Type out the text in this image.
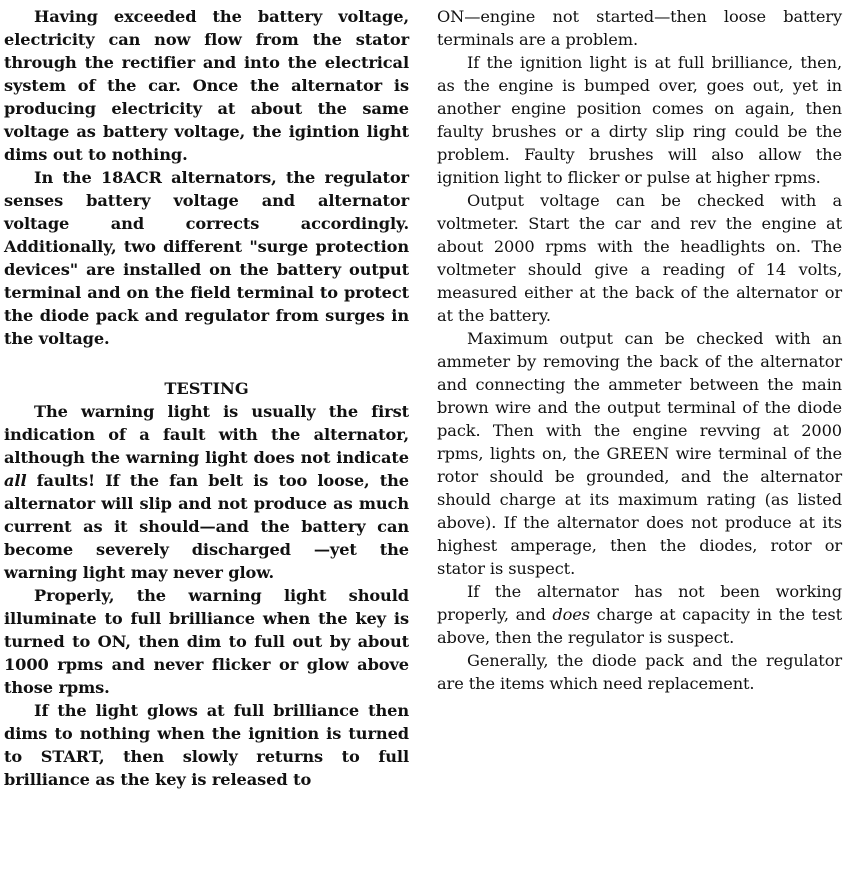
Having exceeded the battery voltage, electricity can now flow from the stator through the rectifier and into the electrical system of the car. Once the alternator is producing electricity at about the same voltage as battery voltage, the igintion light dims out to nothing.

In the 18ACR alternators, the regulator senses battery voltage and alternator voltage and corrects accordingly. Additionally, two different "surge protection devices" are installed on the battery output terminal and on the field terminal to protect the diode pack and regulator from surges in the voltage.

TESTING

The warning light is usually the first indication of a fault with the alternator, although the warning light does not indicate all faults! If the fan belt is too loose, the alternator will slip and not produce as much current as it should—and the battery can become severely discharged —yet the warning light may never glow.

Properly, the warning light should illuminate to full brilliance when the key is turned to ON, then dim to full out by about 1000 rpms and never flicker or glow above those rpms.

If the light glows at full brilliance then dims to nothing when the ignition is turned to START, then slowly returns to full brilliance as the key is released to

ON—engine not started—then loose battery terminals are a problem.

If the ignition light is at full brilliance, then, as the engine is bumped over, goes out, yet in another engine position comes on again, then faulty brushes or a dirty slip ring could be the problem. Faulty brushes will also allow the ignition light to flicker or pulse at higher rpms.

Output voltage can be checked with a voltmeter. Start the car and rev the engine at about 2000 rpms with the headlights on. The voltmeter should give a reading of 14 volts, measured either at the back of the alternator or at the battery.

Maximum output can be checked with an ammeter by removing the back of the alternator and connecting the ammeter between the main brown wire and the output terminal of the diode pack. Then with the engine revving at 2000 rpms, lights on, the GREEN wire terminal of the rotor should be grounded, and the alternator should charge at its maximum rating (as listed above). If the alternator does not produce at its highest amperage, then the diodes, rotor or stator is suspect.

If the alternator has not been working properly, and does charge at capacity in the test above, then the regulator is suspect.

Generally, the diode pack and the regulator are the items which need replacement.
